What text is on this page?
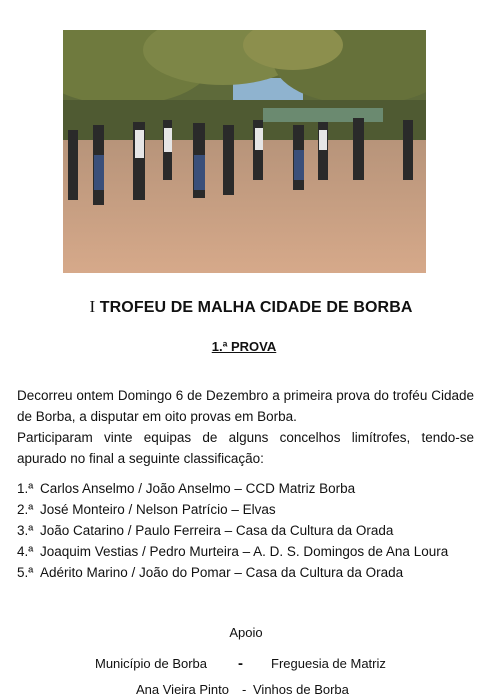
I TROFEU DE MALHA CIDADE DE BORBA
1.ª PROVA

Decorreu ontem Domingo 6 de Dezembro a primeira prova do troféu Cidade de Borba, a disputar em oito provas em Borba.

Participaram vinte equipas de alguns concelhos limítrofes, tendo-se apurado no final a seguinte classificação:

1.ª Carlos Anselmo / João Anselmo – CCD Matriz Borba
2.ª José Monteiro / Nelson Patrício – Elvas
3.ª João Catarino / Paulo Ferreira – Casa da Cultura da Orada
4.ª Joaquim Vestias / Pedro Murteira – A. D. S. Domingos de Ana Loura
5.ª Adérito Marino / João do Pomar – Casa da Cultura da Orada
Apoio
Município de Borba - Freguesia de Matriz
Ana Vieira Pinto - Vinhos de Borba
